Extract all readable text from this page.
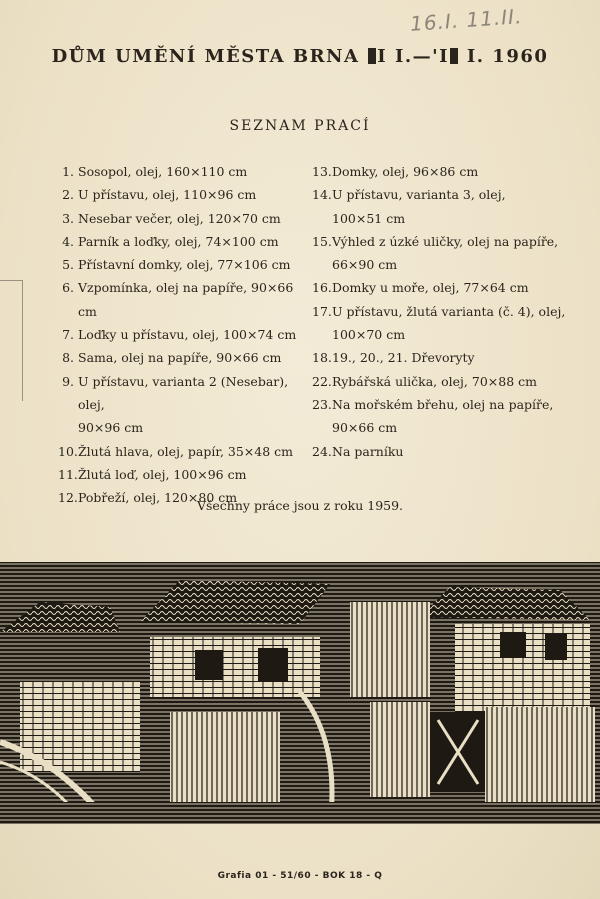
16.I. 11.II.
DŮM UMĚNÍ MĚSTA BRNA I I.—'I I. 1960
SEZNAM PRACÍ
1. Sosopol, olej, 160×110 cm
2. U přístavu, olej, 110×96 cm
3. Nesebar večer, olej, 120×70 cm
4. Parník a loďky, olej, 74×100 cm
5. Přístavní domky, olej, 77×106 cm
6. Vzpomínka, olej na papíře, 90×66 cm
7. Loďky u přístavu, olej, 100×74 cm
8. Sama, olej na papíře, 90×66 cm
9. U přístavu, varianta 2 (Nesebar), olej,
90×96 cm
10. Žlutá hlava, olej, papír, 35×48 cm
11. Žlutá loď, olej, 100×96 cm
12. Pobřeží, olej, 120×80 cm
13. Domky, olej, 96×86 cm
14. U přístavu, varianta 3, olej,
100×51 cm
15. Výhled z úzké uličky, olej na papíře,
66×90 cm
16. Domky u moře, olej, 77×64 cm
17. U přístavu, žlutá varianta (č. 4), olej,
100×70 cm
18. 19., 20., 21. Dřevoryty
22. Rybářská ulička, olej, 70×88 cm
23. Na mořském břehu, olej na papíře,
90×66 cm
24. Na parníku
Všechny práce jsou z roku 1959.
Grafia 01 - 51/60 - BOK 18 - Q
